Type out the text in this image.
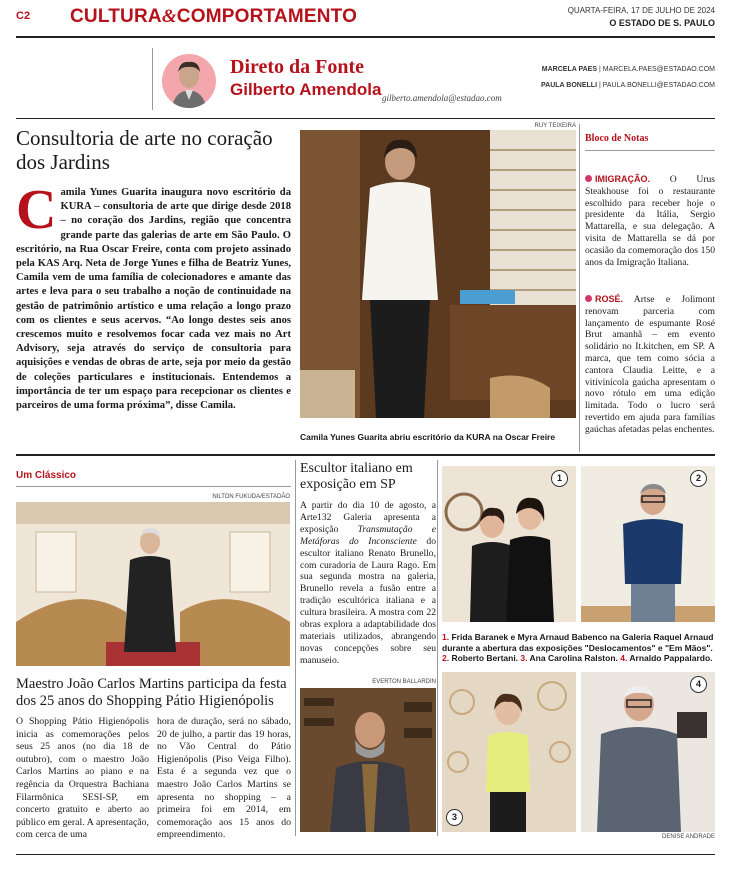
C2 CULTURA&COMPORTAMENTO	QUARTA-FEIRA, 17 DE JULHO DE 2024
O ESTADO DE S. PAULO
Direto da Fonte
Gilberto Amendola gilberto.amendola@estadao.com
MARCELA PAES | MARCELA.PAES@ESTADAO.COM
PAULA BONELLI | PAULA.BONELLI@ESTADAO.COM
Consultoria de arte no coração dos Jardins
Camila Yunes Guarita inaugura novo escritório da KURA – consultoria de arte que dirige desde 2018 – no coração dos Jardins, região que concentra grande parte das galerias de arte em São Paulo. O escritório, na Rua Oscar Freire, conta com projeto assinado pela KAS Arq. Neta de Jorge Yunes e filha de Beatriz Yunes, Camila vem de uma família de colecionadores e amante das artes e leva para o seu trabalho a noção de continuidade na gestão de patrimônio artístico e uma relação a longo prazo com os clientes e seus acervos. “Ao longo destes seis anos crescemos muito e resolvemos focar cada vez mais no Art Advisory, seja através do serviço de consultoria para aquisições e vendas de obras de arte, seja por meio da gestão de coleções particulares e institucionais. Entendemos a importância de ter um espaço para recepcionar os clientes e parceiros de uma forma próxima”, disse Camila.
RUY TEIXEIRA
Camila Yunes Guarita abriu escritório da KURA na Oscar Freire
Bloco de Notas
IMIGRAÇÃO. O Urus Steakhouse foi o restaurante escolhido para receber hoje o presidente da Itália, Sergio Mattarella, e sua delegação. A visita de Mattarella se dá por ocasião da comemoração dos 150 anos da Imigração Italiana.
ROSÉ. Artse e Jolimont renovam parceria com lançamento de espumante Rosé Brut amanhã – em evento solidário no It.kitchen, em SP. A marca, que tem como sócia a cantora Claudia Leitte, e a vitivinícola gaúcha apresentam o novo rótulo em uma edição limitada. Todo o lucro será revertido em ajuda para famílias gaúchas afetadas pelas enchentes.
Um Clássico
NILTON FUKUDA/ESTADÃO
Maestro João Carlos Martins participa da festa dos 25 anos do Shopping Pátio Higienópolis
O Shopping Pátio Higienópolis inicia as comemorações pelos seus 25 anos (no dia 18 de outubro), com o maestro João Carlos Martins ao piano e na regência da Orquestra Bachiana Filarmônica SESI-SP, em concerto gratuito e aberto ao público em geral. A apresentação, com cerca de uma
hora de duração, será no sábado, 20 de julho, a partir das 19 horas, no Vão Central do Pátio Higienópolis (Piso Veiga Filho). Esta é a segunda vez que o maestro João Carlos Martins se apresenta no shopping – a primeira foi em 2014, em comemoração aos 15 anos do empreendimento.
Escultor italiano em exposição em SP
A partir do dia 10 de agosto, a Arte132 Galeria apresenta a exposição Transmutação e Metáforas do Inconsciente do escultor italiano Renato Brunello, com curadoria de Laura Rago. Em sua segunda mostra na galeria, Brunello revela a fusão entre a tradição escultórica italiana e a cultura brasileira. A mostra com 22 obras explora a adaptabilidade dos materiais utilizados, abrangendo novas concepções sobre seu manuseio.
EVERTON BALLARDIN
1	2
1. Frida Baranek e Myra Arnaud Babenco na Galeria Raquel Arnaud durante a abertura das exposições "Deslocamentos" e "Em Mãos". 2. Roberto Bertani. 3. Ana Carolina Ralston. 4. Arnaldo Pappalardo.
3
4
DENISE ANDRADE
